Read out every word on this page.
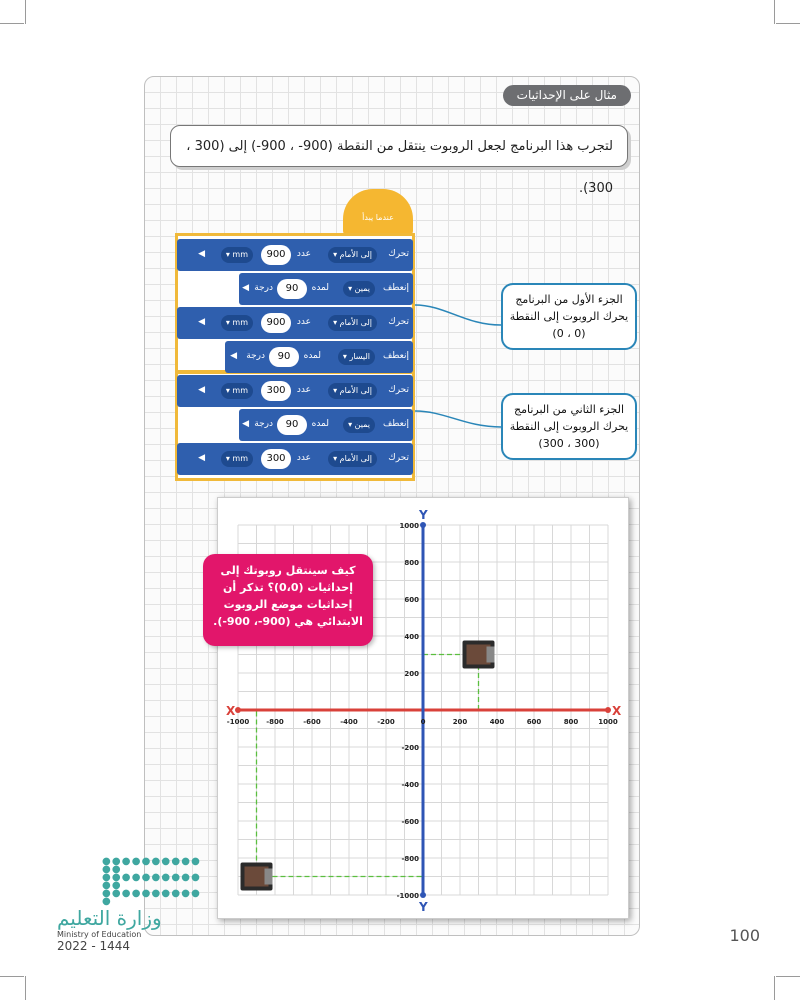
مثال على الإحداثيات
لتجرب هذا البرنامج لجعل الروبوت ينتقل من النقطة (900- ، 900-) إلى (300 ، 300).
عندما يبدأ
تحرك
إلى الأمام ▾
عدد
900
mm ▾
◀
إنعطف
يمين ▾
لمده
90
درجة
◀
تحرك
إلى الأمام ▾
عدد
900
mm ▾
◀
إنعطف
اليسار ▾
لمده
90
درجة
◀
تحرك
إلى الأمام ▾
عدد
300
mm ▾
◀
إنعطف
يمين ▾
لمده
90
درجة
◀
تحرك
إلى الأمام ▾
عدد
300
mm ▾
◀
الجزء الأول من البرنامج
يحرك الروبوت إلى النقطة
(0 ، 0)
الجزء الثاني من البرنامج
يحرك الروبوت إلى النقطة
(300 ، 300)
X	X
Y
Y
-1000 -800	-600	-400	-200	0	200	400	600	800	1000
1000
800
600
400
200
-200
-400
-600
-800
-1000
كيف سينتقل روبوتك إلى
إحداثيات (0،0)؟ تذكر أن
إحداثيات موضع الروبوت
الابتدائي هي (900-، 900-).
● ● ● ● ● ● ● ● ● ● ● ●
● ● ● ● ● ● ● ● ● ● ● ●
● ● ● ● ● ● ● ● ● ● ●
وزارة التعليم
Ministry of Education
2022 - 1444
100
